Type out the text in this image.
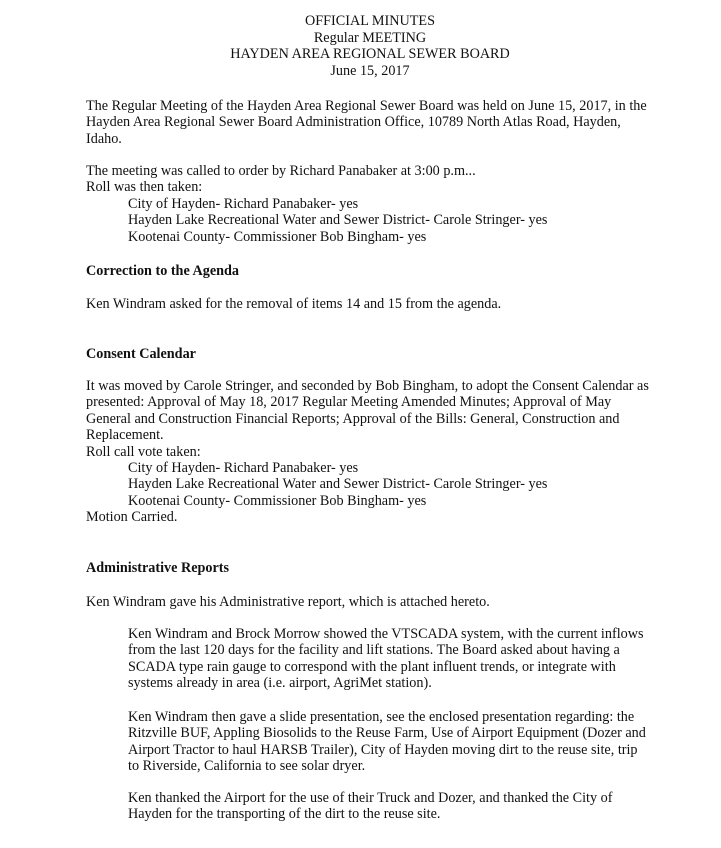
OFFICIAL MINUTES
Regular MEETING
HAYDEN AREA REGIONAL SEWER BOARD
June 15, 2017
The Regular Meeting of the Hayden Area Regional Sewer Board was held on June 15, 2017, in the
Hayden Area Regional Sewer Board Administration Office, 10789 North Atlas Road, Hayden,
Idaho.
The meeting was called to order by Richard Panabaker at 3:00 p.m...
Roll was then taken:
City of Hayden- Richard Panabaker- yes
Hayden Lake Recreational Water and Sewer District- Carole Stringer- yes
Kootenai County- Commissioner Bob Bingham- yes
Correction to the Agenda
Ken Windram asked for the removal of items 14 and 15 from the agenda.
Consent Calendar
It was moved by Carole Stringer, and seconded by Bob Bingham, to adopt the Consent Calendar as
presented: Approval of May 18, 2017 Regular Meeting Amended Minutes; Approval of May
General and Construction Financial Reports; Approval of the Bills: General, Construction and
Replacement.
Roll call vote taken:
City of Hayden- Richard Panabaker- yes
Hayden Lake Recreational Water and Sewer District- Carole Stringer- yes
Kootenai County- Commissioner Bob Bingham- yes
Motion Carried.
Administrative Reports
Ken Windram gave his Administrative report, which is attached hereto.
Ken Windram and Brock Morrow showed the VTSCADA system, with the current inflows
from the last 120 days for the facility and lift stations. The Board asked about having a
SCADA type rain gauge to correspond with the plant influent trends, or integrate with
systems already in area (i.e. airport, AgriMet station).
Ken Windram then gave a slide presentation, see the enclosed presentation regarding: the
Ritzville BUF, Appling Biosolids to the Reuse Farm, Use of Airport Equipment (Dozer and
Airport Tractor to haul HARSB Trailer), City of Hayden moving dirt to the reuse site, trip
to Riverside, California to see solar dryer.
Ken thanked the Airport for the use of their Truck and Dozer, and thanked the City of
Hayden for the transporting of the dirt to the reuse site.
